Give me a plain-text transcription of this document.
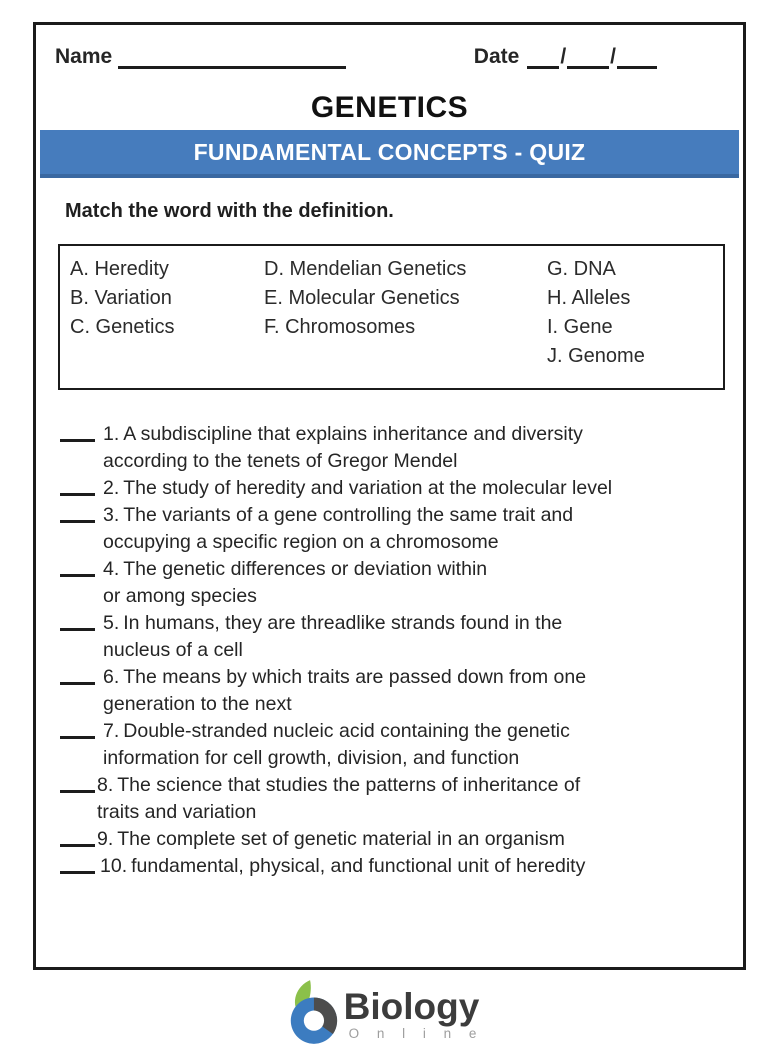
Name	Date / /
GENETICS
FUNDAMENTAL CONCEPTS - QUIZ
Match the word with the definition.
A. Heredity
B. Variation
C. Genetics
D. Mendelian Genetics
E. Molecular Genetics
F. Chromosomes
G. DNA
H. Alleles
I. Gene
J. Genome
1. A subdiscipline that explains inheritance and diversity
according to the tenets of Gregor Mendel
2. The study of heredity and variation at the molecular level
3. The variants of a gene controlling the same trait and
occupying a specific region on a chromosome
4. The genetic differences or deviation within
or among species
5. In humans, they are threadlike strands found in the
nucleus of a cell
6. The means by which traits are passed down from one
generation to the next
7. Double-stranded nucleic acid containing the genetic
information for cell growth, division, and function
8. The science that studies the patterns of inheritance of
traits and variation
9. The complete set of genetic material in an organism
10. fundamental, physical, and functional unit of heredity
Biology
O n l i n e
